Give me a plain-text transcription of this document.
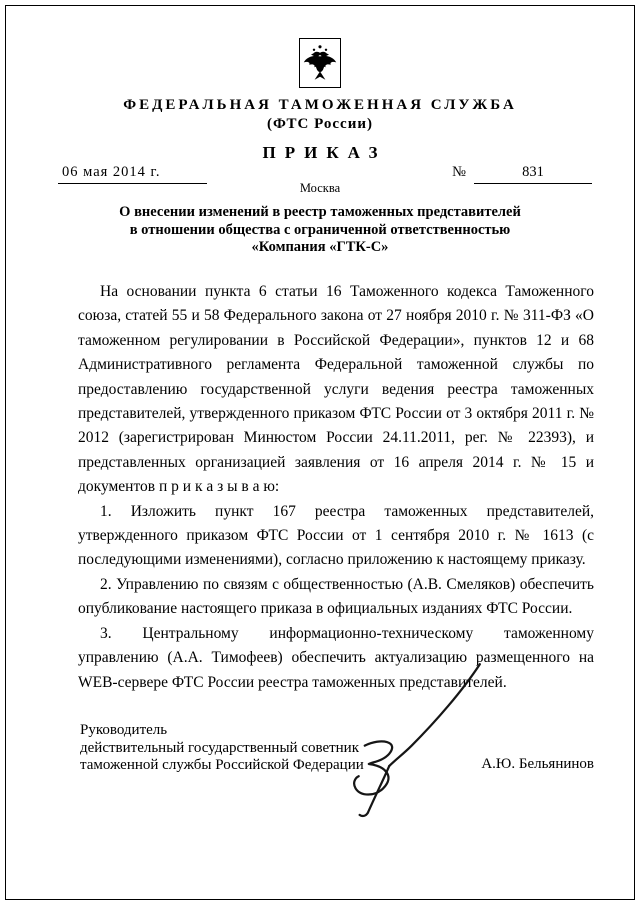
ФЕДЕРАЛЬНАЯ ТАМОЖЕННАЯ СЛУЖБА
(ФТС России)
ПРИКАЗ
06 мая 2014 г.	№	831
Москва
О внесении изменений в реестр таможенных представителей
в отношении общества с ограниченной ответственностью
«Компания «ГТК-С»

На основании пункта 6 статьи 16 Таможенного кодекса Таможенного союза, статей 55 и 58 Федерального закона от 27 ноября 2010 г. № 311-ФЗ «О таможенном регулировании в Российской Федерации», пунктов 12 и 68 Административного регламента Федеральной таможенной службы по предоставлению государственной услуги ведения реестра таможенных представителей, утвержденного приказом ФТС России от 3 октября 2011 г. № 2012 (зарегистрирован Минюстом России 24.11.2011, рег. № 22393), и представленных организацией заявления от 16 апреля 2014 г. № 15 и документов п р и к а з ы в а ю:

1. Изложить пункт 167 реестра таможенных представителей, утвержденного приказом ФТС России от 1 сентября 2010 г. № 1613 (с последующими изменениями), согласно приложению к настоящему приказу.

2. Управлению по связям с общественностью (А.В. Смеляков) обеспечить опубликование настоящего приказа в официальных изданиях ФТС России.

3. Центральному информационно-техническому таможенному управлению (А.А. Тимофеев) обеспечить актуализацию размещенного на WEB-сервере ФТС России реестра таможенных представителей.

Руководитель
действительный государственный советник
таможенной службы Российской Федерации	А.Ю. Бельянинов
